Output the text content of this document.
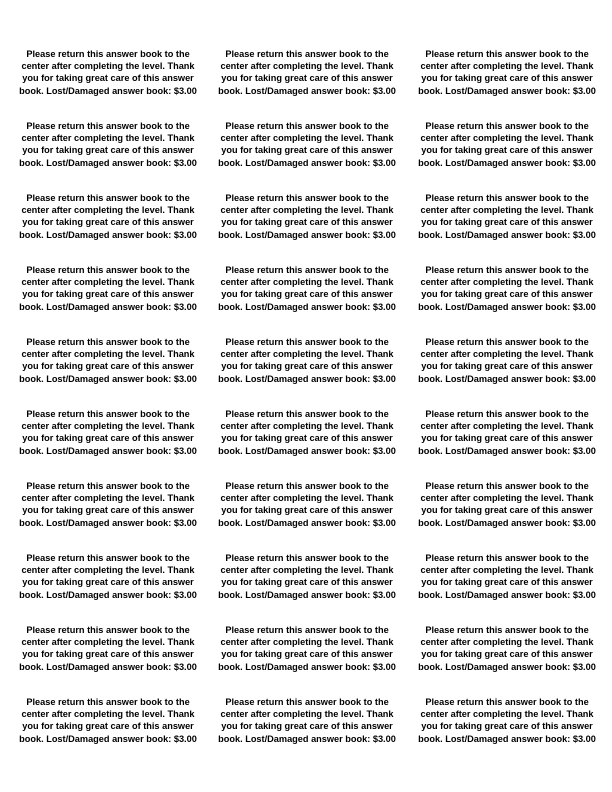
Please return this answer book to the
center after completing the level. Thank
you for taking great care of this answer
book. Lost/Damaged answer book: $3.00
Please return this answer book to the
center after completing the level. Thank
you for taking great care of this answer
book. Lost/Damaged answer book: $3.00
Please return this answer book to the
center after completing the level. Thank
you for taking great care of this answer
book. Lost/Damaged answer book: $3.00
Please return this answer book to the
center after completing the level. Thank
you for taking great care of this answer
book. Lost/Damaged answer book: $3.00
Please return this answer book to the
center after completing the level. Thank
you for taking great care of this answer
book. Lost/Damaged answer book: $3.00
Please return this answer book to the
center after completing the level. Thank
you for taking great care of this answer
book. Lost/Damaged answer book: $3.00
Please return this answer book to the
center after completing the level. Thank
you for taking great care of this answer
book. Lost/Damaged answer book: $3.00
Please return this answer book to the
center after completing the level. Thank
you for taking great care of this answer
book. Lost/Damaged answer book: $3.00
Please return this answer book to the
center after completing the level. Thank
you for taking great care of this answer
book. Lost/Damaged answer book: $3.00
Please return this answer book to the
center after completing the level. Thank
you for taking great care of this answer
book. Lost/Damaged answer book: $3.00
Please return this answer book to the
center after completing the level. Thank
you for taking great care of this answer
book. Lost/Damaged answer book: $3.00
Please return this answer book to the
center after completing the level. Thank
you for taking great care of this answer
book. Lost/Damaged answer book: $3.00
Please return this answer book to the
center after completing the level. Thank
you for taking great care of this answer
book. Lost/Damaged answer book: $3.00
Please return this answer book to the
center after completing the level. Thank
you for taking great care of this answer
book. Lost/Damaged answer book: $3.00
Please return this answer book to the
center after completing the level. Thank
you for taking great care of this answer
book. Lost/Damaged answer book: $3.00
Please return this answer book to the
center after completing the level. Thank
you for taking great care of this answer
book. Lost/Damaged answer book: $3.00
Please return this answer book to the
center after completing the level. Thank
you for taking great care of this answer
book. Lost/Damaged answer book: $3.00
Please return this answer book to the
center after completing the level. Thank
you for taking great care of this answer
book. Lost/Damaged answer book: $3.00
Please return this answer book to the
center after completing the level. Thank
you for taking great care of this answer
book. Lost/Damaged answer book: $3.00
Please return this answer book to the
center after completing the level. Thank
you for taking great care of this answer
book. Lost/Damaged answer book: $3.00
Please return this answer book to the
center after completing the level. Thank
you for taking great care of this answer
book. Lost/Damaged answer book: $3.00
Please return this answer book to the
center after completing the level. Thank
you for taking great care of this answer
book. Lost/Damaged answer book: $3.00
Please return this answer book to the
center after completing the level. Thank
you for taking great care of this answer
book. Lost/Damaged answer book: $3.00
Please return this answer book to the
center after completing the level. Thank
you for taking great care of this answer
book. Lost/Damaged answer book: $3.00
Please return this answer book to the
center after completing the level. Thank
you for taking great care of this answer
book. Lost/Damaged answer book: $3.00
Please return this answer book to the
center after completing the level. Thank
you for taking great care of this answer
book. Lost/Damaged answer book: $3.00
Please return this answer book to the
center after completing the level. Thank
you for taking great care of this answer
book. Lost/Damaged answer book: $3.00
Please return this answer book to the
center after completing the level. Thank
you for taking great care of this answer
book. Lost/Damaged answer book: $3.00
Please return this answer book to the
center after completing the level. Thank
you for taking great care of this answer
book. Lost/Damaged answer book: $3.00
Please return this answer book to the
center after completing the level. Thank
you for taking great care of this answer
book. Lost/Damaged answer book: $3.00
